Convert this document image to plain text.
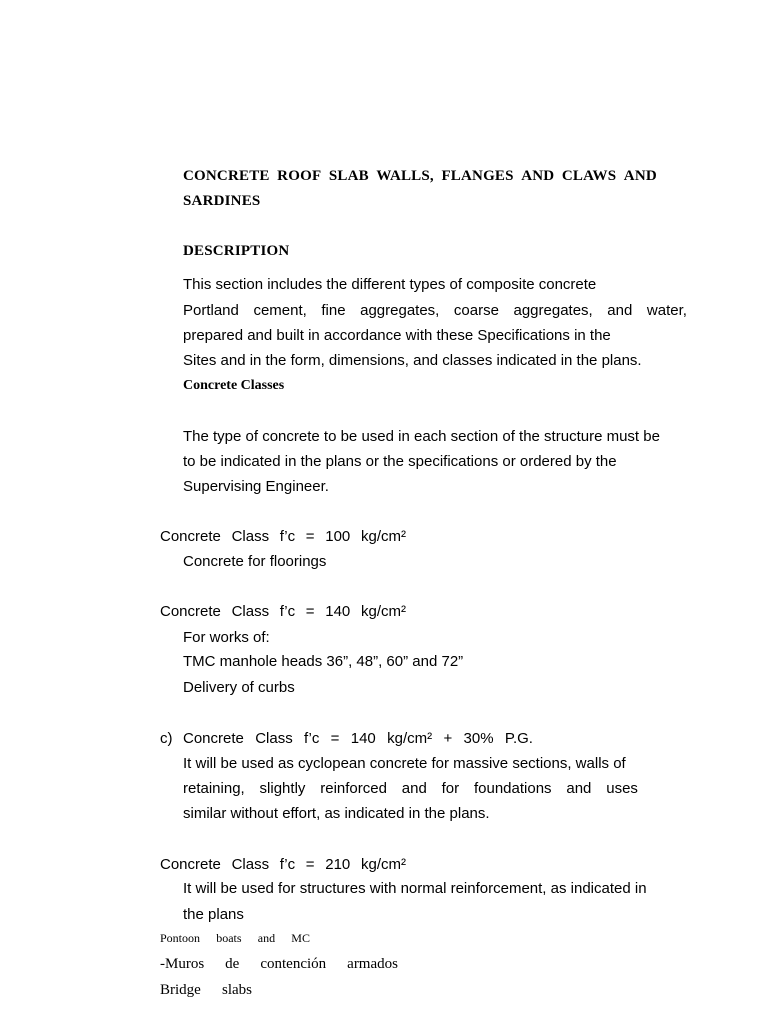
CONCRETE ROOF SLAB WALLS, FLANGES AND CLAWS AND
SARDINES
DESCRIPTION
This section includes the different types of composite concrete
Portland cement, fine aggregates, coarse aggregates, and water,
prepared and built in accordance with these Specifications in the
Sites and in the form, dimensions, and classes indicated in the plans.
Concrete Classes
The type of concrete to be used in each section of the structure must be
to be indicated in the plans or the specifications or ordered by the
Supervising Engineer.
Concrete Class f’c = 100 kg/cm²
Concrete for floorings
Concrete Class f’c = 140 kg/cm²
For works of:
TMC manhole heads 36”, 48”, 60” and 72”
Delivery of curbs
c) Concrete Class f’c = 140 kg/cm² + 30% P.G.
It will be used as cyclopean concrete for massive sections, walls of
retaining, slightly reinforced and for foundations and uses
similar without effort, as indicated in the plans.
Concrete Class f’c = 210 kg/cm²
It will be used for structures with normal reinforcement, as indicated in
the plans
Pontoon boats and MC
-Muros de contención armados
Bridge slabs
